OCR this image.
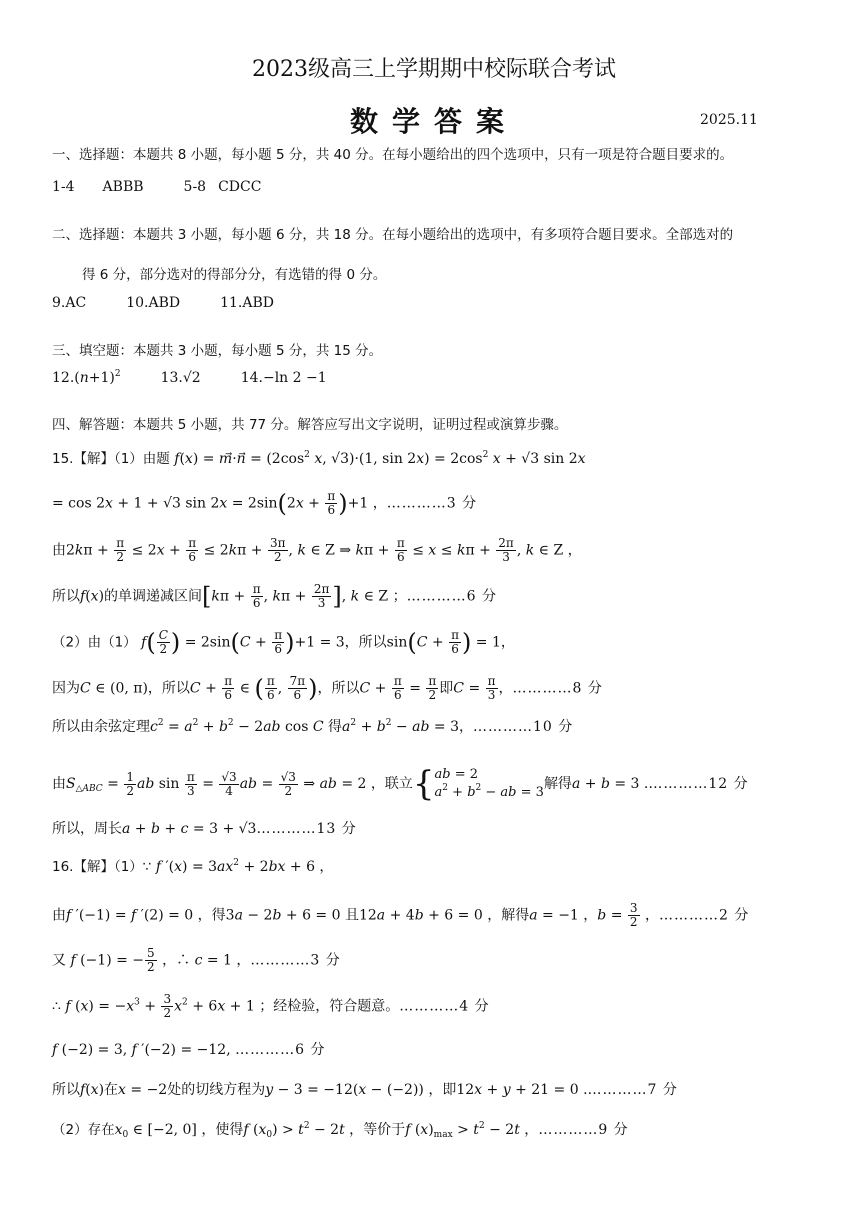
2023级高三上学期期中校际联合考试
数学答案	2025.11
一、选择题：本题共 8 小题，每小题 5 分，共 40 分。在每小题给出的四个选项中，只有一项是符合题目要求的。
1-4 ABBB	5-8 CDCC
二、选择题：本题共 3 小题，每小题 6 分，共 18 分。在每小题给出的选项中，有多项符合题目要求。全部选对的
得 6 分，部分选对的得部分分，有选错的得 0 分。
9.AC	10.ABD	11.ABD
三、填空题：本题共 3 小题，每小题 5 分，共 15 分。
$12.(n+1)^2$	13.√2	14.−ln 2 −1
四、解答题：本题共 5 小题，共 77 分。解答应写出文字说明，证明过程或演算步骤。
15.【解】（1）由题 f(x) = m⃗·n⃗ = ($2\cos^2$ x, √3)·(1, $\sin 2x) = 2\cos^2$ x + √3 sin 2x
= cos 2x + 1 + √3 $\sin 2x = 2\sin(2x + \frac{\pi}{6} )+1$ ，…………3 分
由$2k\pi + \frac{\pi}{2} \le 2x + \frac{\pi}{6} \le 2k\pi + \frac{3\pi}{2}$ , k ∈ Z ⇒ $k\pi + \frac{\pi}{6} \le x \le k\pi + \frac{2\pi}{3}$ , k ∈ Z ，
所以f(x)的单调递减区间[$k\pi + \frac{\pi}{6}$ , $k\pi + \frac{2\pi}{3}$ ], k ∈ Z ；…………6 分
（2）由（1） $f( \frac{C}{2}$ ) = $2\sin(C + \frac{\pi}{6} )+1 = 3$，所以$\sin(C + \frac{\pi}{6}$ ) = 1，
因为C ∈ (0, π)，所以$C + \frac{\pi}{6}$ ∈ ( $\frac{\pi}{6}$ , $\frac{7\pi}{6}$ )，所以$C + \frac{\pi}{6} = \frac{\pi}{2}$ 即$C = \frac{\pi}{3}$ ，…………8 分
所以由余弦定理$c^2 = a^2 + b^2 - 2ab$ cos C 得$a^2 + b^2$ − ab = 3，…………10 分
由$S_{\triangle ABC} = \frac{1}{2}$ ab $\sin \frac{\pi}{3} = \frac{√3}{4}$ ab = $\frac{√3}{2}$ ⇒ ab = 2 ，联立{ab = 2
$a^2 + b^2$ − ab = 3解得a + b = 3 .…………12 分
所以，周长a + b + c = 3 + √3…………13 分
16.【解】（1）∵ f $'(x) = 3ax^2 + 2bx + 6$ ，
由f ′(−1) = f ′(2) = 0 ，得3a − 2b + 6 = 0 且12a + 4b + 6 = 0 ，解得a = −1 ，$b = \frac{3}{2}$ ，…………2 分
又 f (−1) = − $\frac{5}{2}$ ，∴ c = 1 ，…………3 分
∴ f $(x) = -x^3 + \frac{3}{2} x^2 + 6x + 1$ ；经检验，符合题意。…………4 分
f (−2) = 3, f ′(−2) = −12, …………6 分
所以f(x)在x = −2处的切线方程为y − 3 = −12(x − (−2)) ，即12x + y + 21 = 0 .…………7 分
（2）存在$x_0$ ∈ [−2, 0] ，使得f $(x_0) > t^2 - 2t$ ，等价于f $(x)_{max} > t^2 - 2t$ ，…………9 分
